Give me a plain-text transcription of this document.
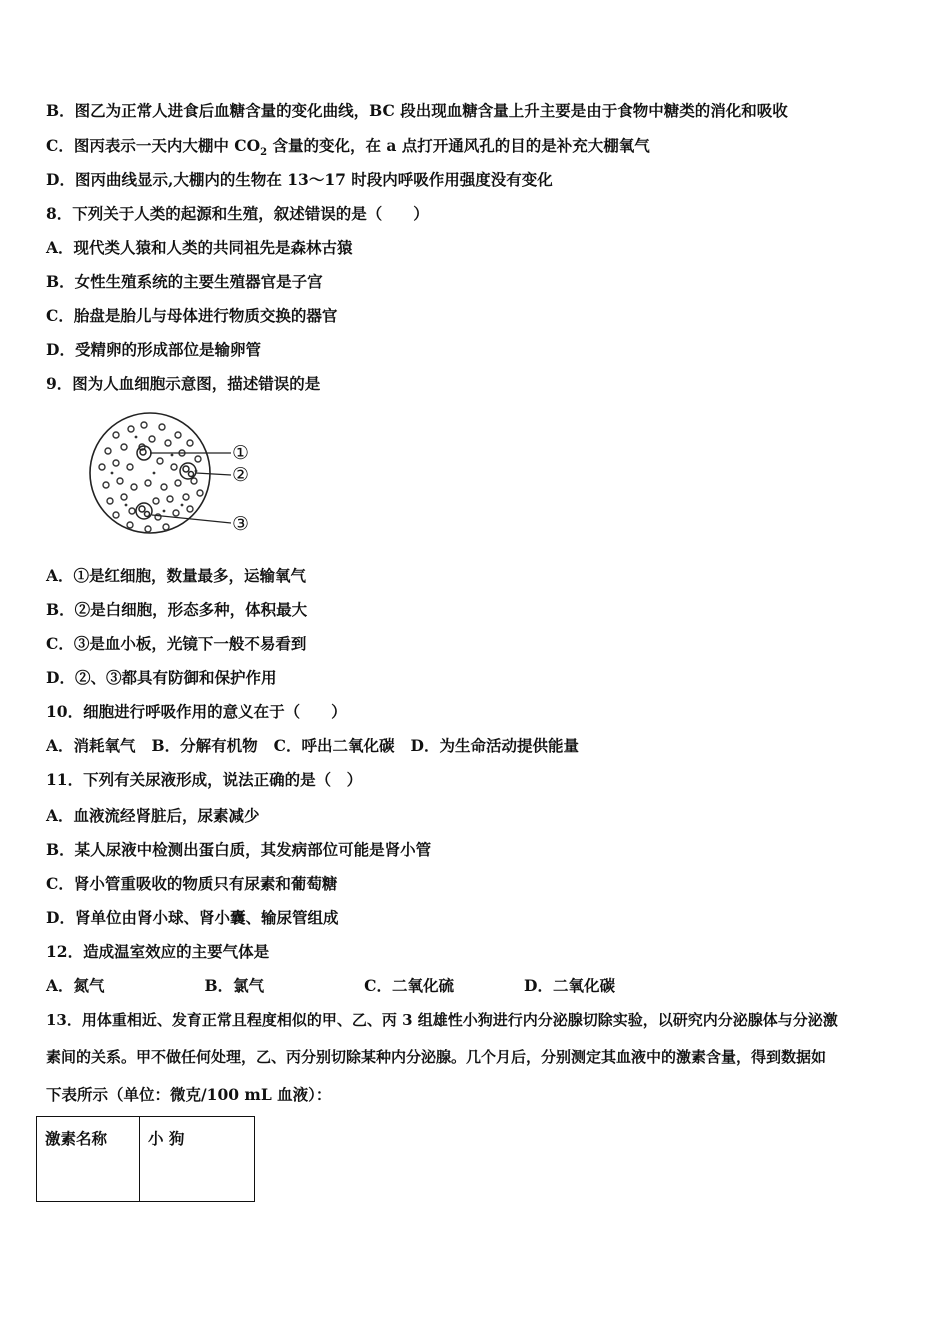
B．图乙为正常人进食后血糖含量的变化曲线，BC 段出现血糖含量上升主要是由于食物中糖类的消化和吸收
C．图丙表示一天内大棚中 $CO_2$ 含量的变化，在 a 点打开通风孔的目的是补充大棚氧气
D．图丙曲线显示,大棚内的生物在 13～17 时段内呼吸作用强度没有变化
8．下列关于人类的起源和生殖，叙述错误的是（　　）
A．现代类人猿和人类的共同祖先是森林古猿
B．女性生殖系统的主要生殖器官是子宫
C．胎盘是胎儿与母体进行物质交换的器官
D．受精卵的形成部位是输卵管
9．图为人血细胞示意图，描述错误的是
①
②
③
A．①是红细胞，数量最多，运输氧气
B．②是白细胞，形态多种，体积最大
C．③是血小板，光镜下一般不易看到
D．②、③都具有防御和保护作用
10．细胞进行呼吸作用的意义在于（　　）
A．消耗氧气 B．分解有机物 C．呼出二氧化碳 D．为生命活动提供能量
11．下列有关尿液形成，说法正确的是（　）
A．血液流经肾脏后，尿素减少
B．某人尿液中检测出蛋白质，其发病部位可能是肾小管
C．肾小管重吸收的物质只有尿素和葡萄糖
D．肾单位由肾小球、肾小囊、输尿管组成
12．造成温室效应的主要气体是
A．氮气	B．氯气	C．二氧化硫	D．二氧化碳
13．用体重相近、发育正常且程度相似的甲、乙、丙 3 组雄性小狗进行内分泌腺切除实验，以研究内分泌腺体与分泌激
素间的关系。甲不做任何处理，乙、丙分别切除某种内分泌腺。几个月后，分别测定其血液中的激素含量，得到数据如
下表所示（单位：微克/100 mL 血液）：
激素名称	小 狗
